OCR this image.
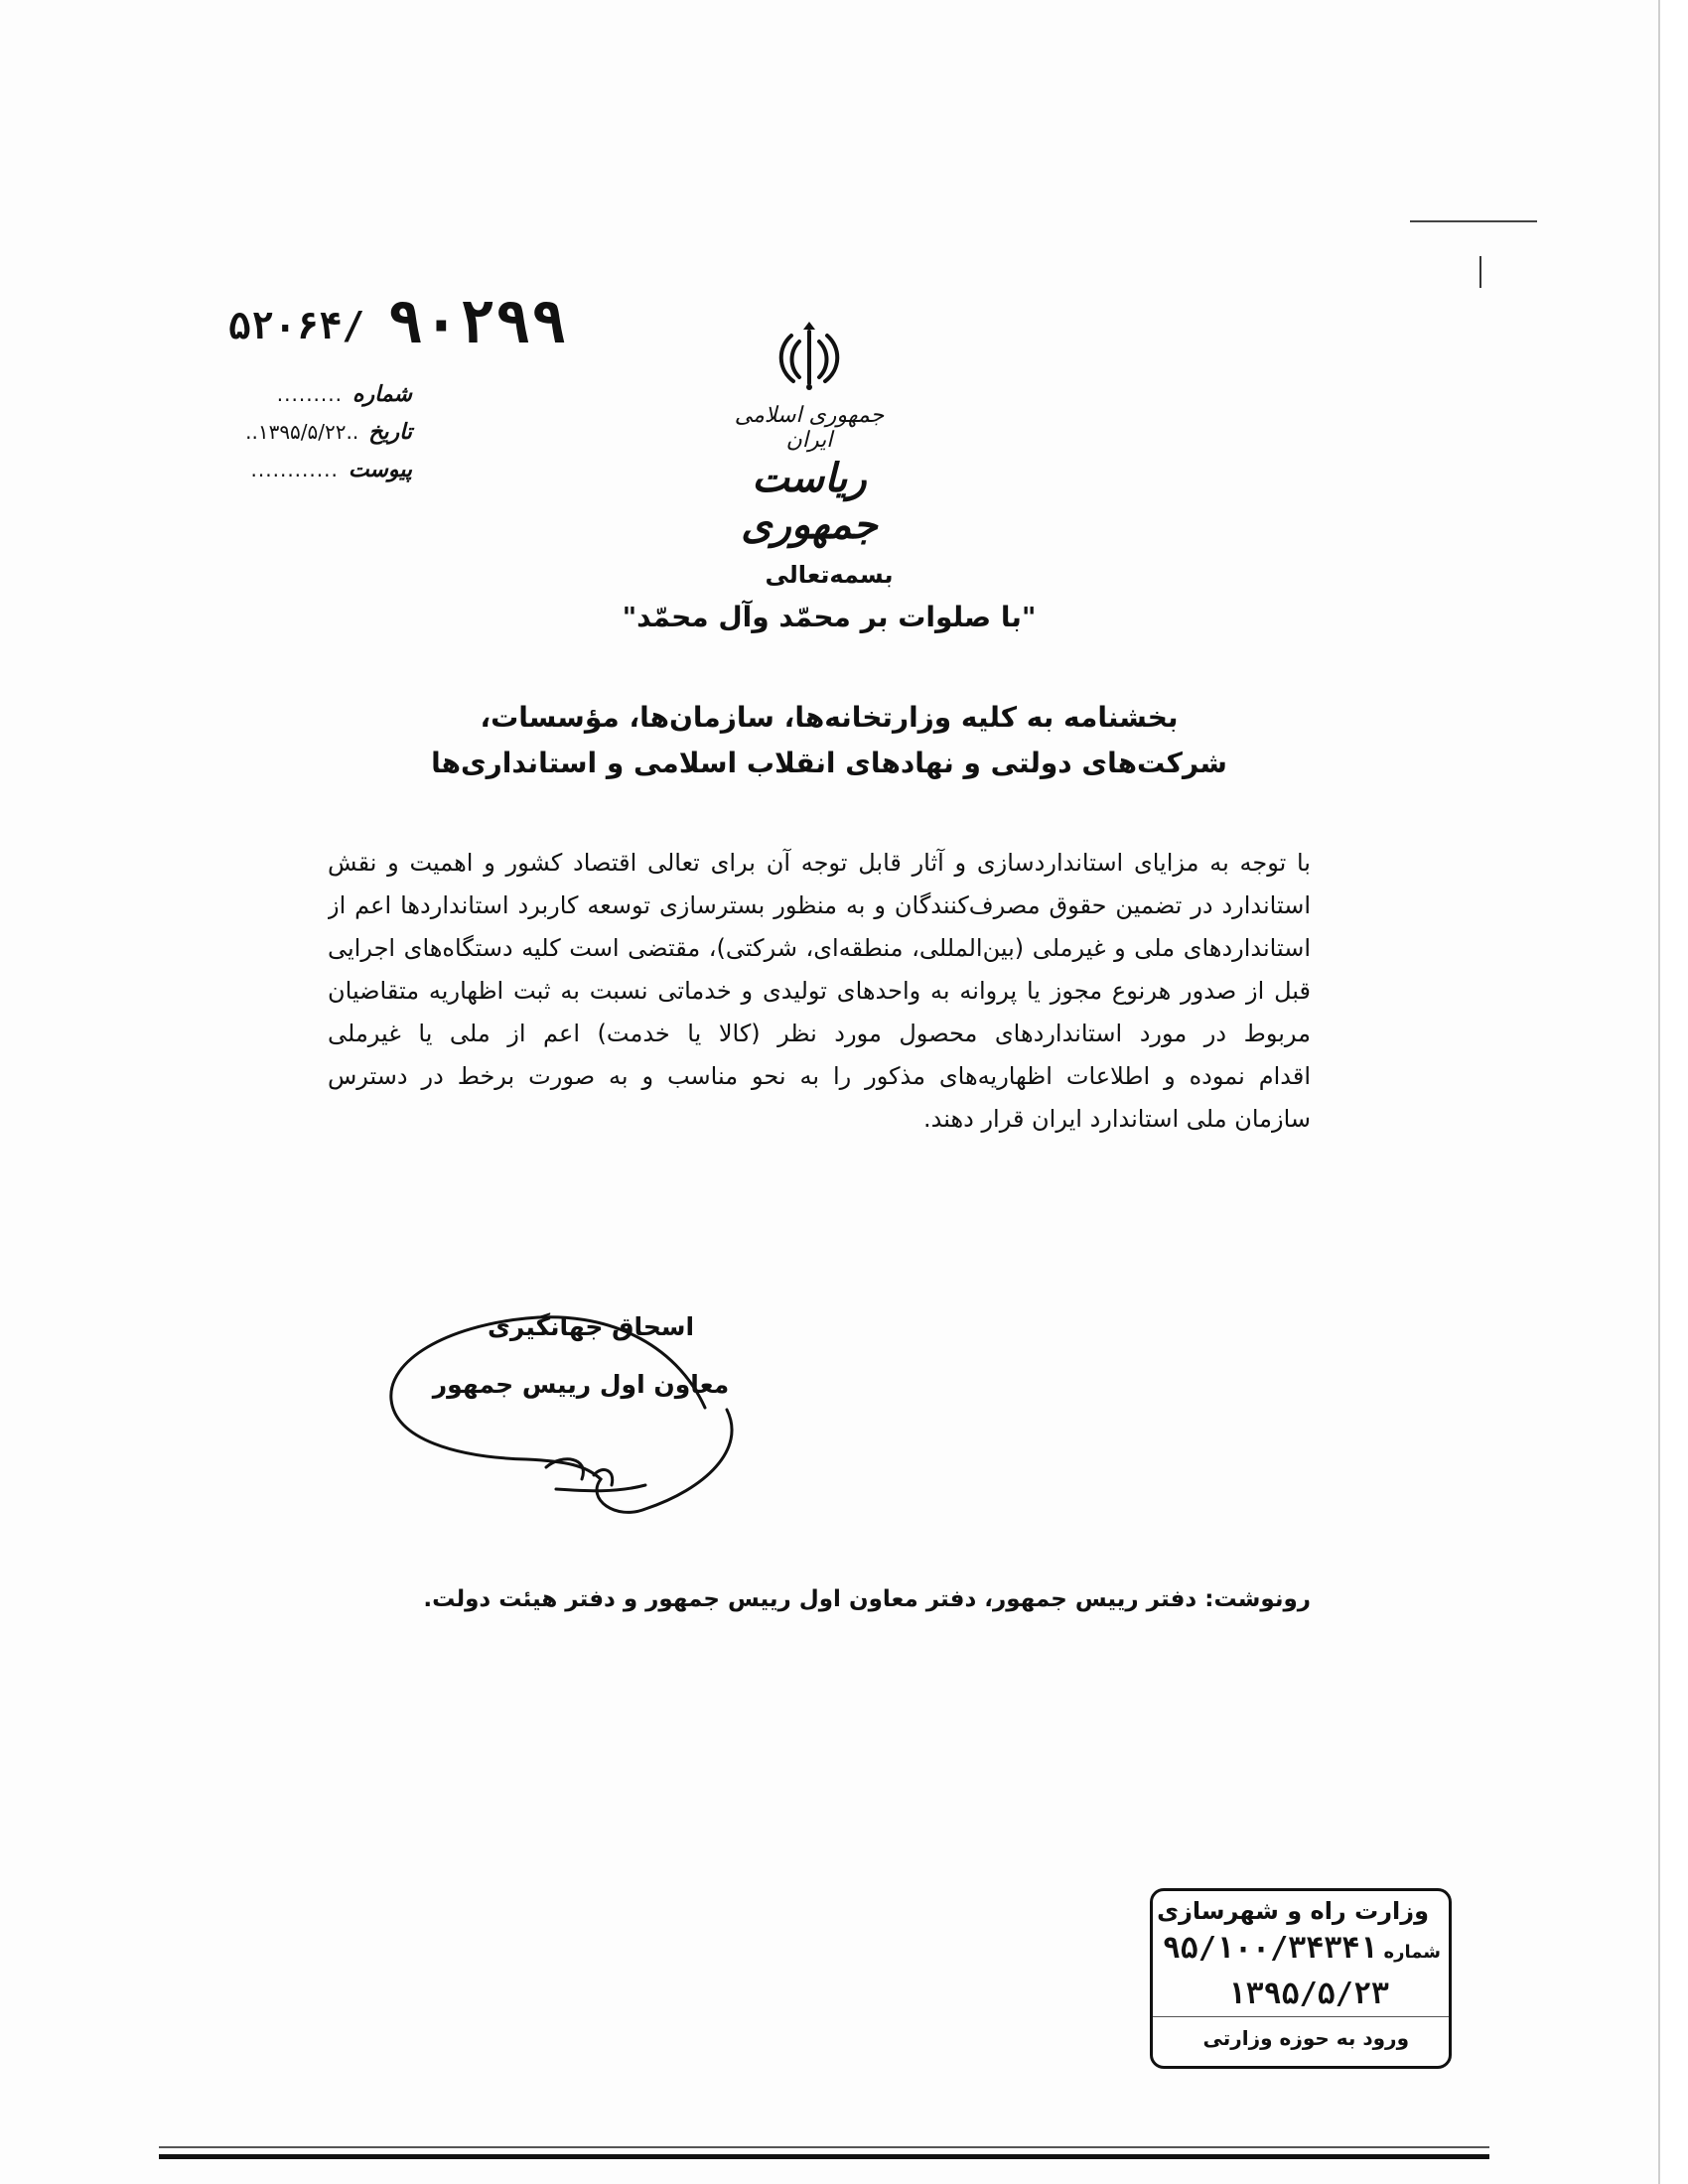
۵۲۰۶۴/ ۹۰۲۹۹
شماره
.........
تاریخ
..۱۳۹۵/۵/۲۲..
پیوست
............
جمهوری اسلامی ایران
ریاست جمهوری
بسمه‌تعالی
"با صلوات بر محمّد وآل محمّد"
بخشنامه به کلیه وزارتخانه‌ها، سازمان‌ها، مؤسسات،
شرکت‌های دولتی و نهادهای انقلاب اسلامی و استانداری‌ها
با توجه به مزایای استانداردسازی و آثار قابل توجه آن برای تعالی اقتصاد کشور و اهمیت و نقش
استاندارد در تضمین حقوق مصرف‌کنندگان و به منظور بسترسازی توسعه کاربرد استانداردها اعم از
استانداردهای ملی و غیرملی (بین‌المللی، منطقه‌ای، شرکتی)، مقتضی است کلیه دستگاه‌های اجرایی
قبل از صدور هرنوع مجوز یا پروانه به واحدهای تولیدی و خدماتی نسبت به ثبت اظهاریه متقاضیان
مربوط در مورد استانداردهای محصول مورد نظر (کالا یا خدمت) اعم از ملی یا غیرملی
اقدام نموده و اطلاعات اظهاریه‌های مذکور را به نحو مناسب و به صورت برخط در دسترس
سازمان ملی استاندارد ایران قرار دهند.
اسحاق جهانگیری
معاون اول رییس جمهور
رونوشت: دفتر رییس جمهور، دفتر معاون اول رییس جمهور و دفتر هیئت دولت.
وزارت راه و شهرسازی
شماره
۹۵/۱۰۰/۳۴۳۴۱
۱۳۹۵/۵/۲۳
ورود به حوزه وزارتی
